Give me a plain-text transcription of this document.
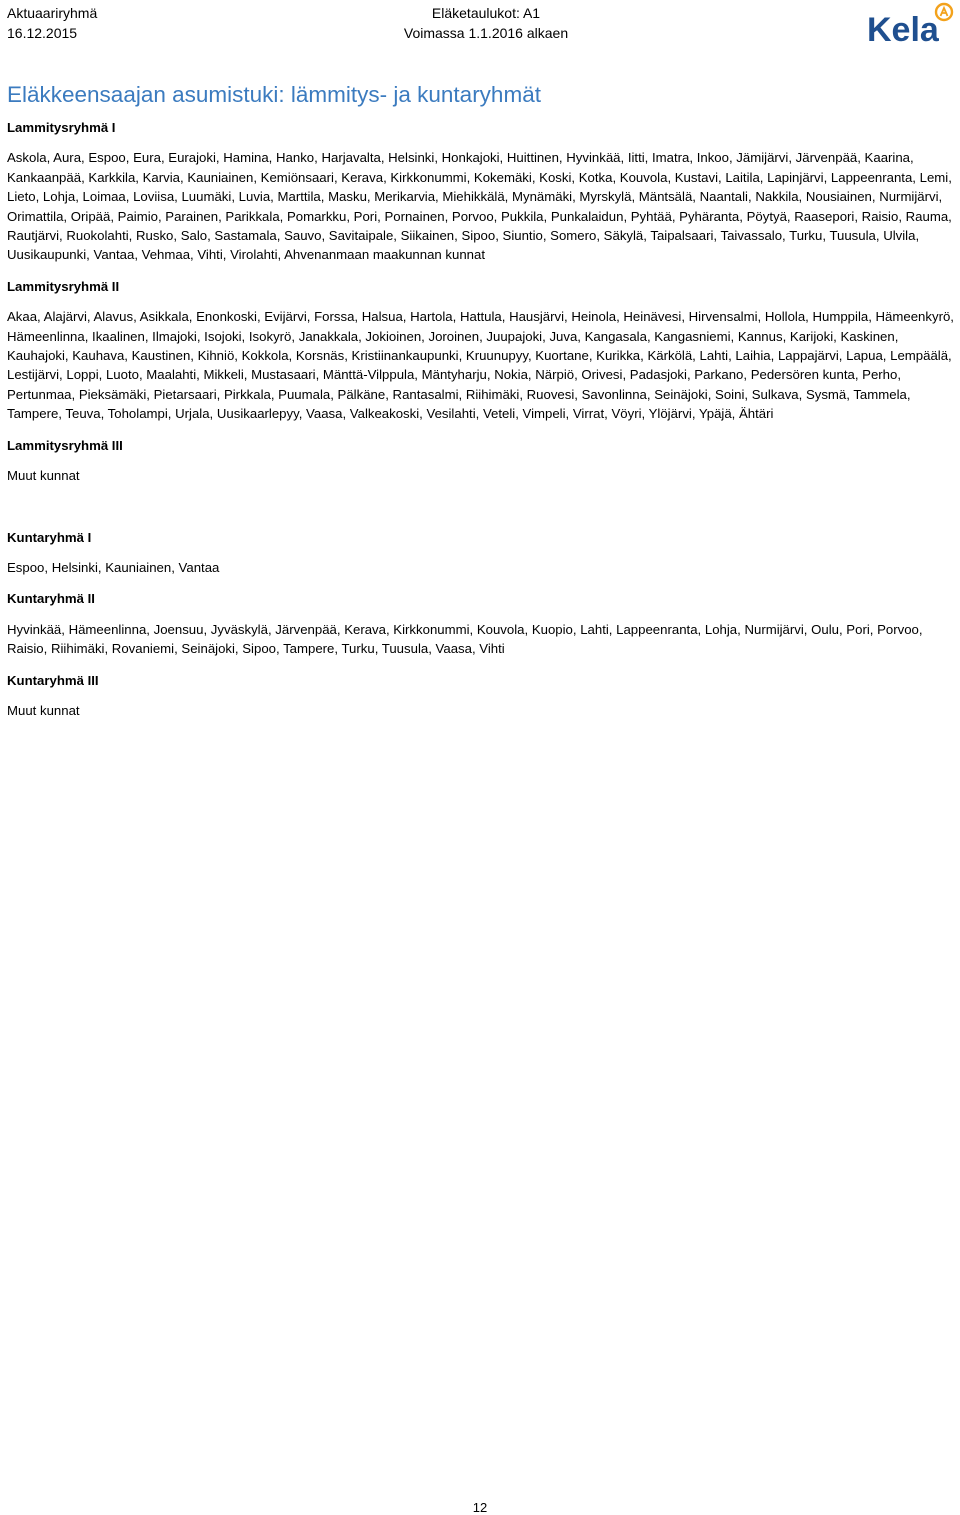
Aktuaariryhmä
16.12.2015
Eläketaulukot: A1
Voimassa 1.1.2016 alkaen	Kela
Eläkkeensaajan asumistuki: lämmitys- ja kuntaryhmät

Lammitysryhmä I

Askola, Aura, Espoo, Eura, Eurajoki, Hamina, Hanko, Harjavalta, Helsinki, Honkajoki, Huittinen, Hyvinkää, Iitti, Imatra, Inkoo, Jämijärvi, Järvenpää, Kaarina, Kankaanpää, Karkkila, Karvia, Kauniainen, Kemiönsaari, Kerava, Kirkkonummi, Kokemäki, Koski, Kotka, Kouvola, Kustavi, Laitila, Lapinjärvi, Lappeenranta, Lemi, Lieto, Lohja, Loimaa, Loviisa, Luumäki, Luvia, Marttila, Masku, Merikarvia, Miehikkälä, Mynämäki, Myrskylä, Mäntsälä, Naantali, Nakkila, Nousiainen, Nurmijärvi, Orimattila, Oripää, Paimio, Parainen, Parikkala, Pomarkku, Pori, Pornainen, Porvoo, Pukkila, Punkalaidun, Pyhtää, Pyhäranta, Pöytyä, Raasepori, Raisio, Rauma, Rautjärvi, Ruokolahti, Rusko, Salo, Sastamala, Sauvo, Savitaipale, Siikainen, Sipoo, Siuntio, Somero, Säkylä, Taipalsaari, Taivassalo, Turku, Tuusula, Ulvila, Uusikaupunki, Vantaa, Vehmaa, Vihti, Virolahti, Ahvenanmaan maakunnan kunnat

Lammitysryhmä II

Akaa, Alajärvi, Alavus, Asikkala, Enonkoski, Evijärvi, Forssa, Halsua, Hartola, Hattula, Hausjärvi, Heinola, Heinävesi, Hirvensalmi, Hollola, Humppila, Hämeenkyrö, Hämeenlinna, Ikaalinen, Ilmajoki, Isojoki, Isokyrö, Janakkala, Jokioinen, Joroinen, Juupajoki, Juva, Kangasala, Kangasniemi, Kannus, Karijoki, Kaskinen, Kauhajoki, Kauhava, Kaustinen, Kihniö, Kokkola, Korsnäs, Kristiinankaupunki, Kruunupyy, Kuortane, Kurikka, Kärkölä, Lahti, Laihia, Lappajärvi, Lapua, Lempäälä, Lestijärvi, Loppi, Luoto, Maalahti, Mikkeli, Mustasaari, Mänttä-Vilppula, Mäntyharju, Nokia, Närpiö, Orivesi, Padasjoki, Parkano, Pedersören kunta, Perho, Pertunmaa, Pieksämäki, Pietarsaari, Pirkkala, Puumala, Pälkäne, Rantasalmi, Riihimäki, Ruovesi, Savonlinna, Seinäjoki, Soini, Sulkava, Sysmä, Tammela, Tampere, Teuva, Toholampi, Urjala, Uusikaarlepyy, Vaasa, Valkeakoski, Vesilahti, Veteli, Vimpeli, Virrat, Vöyri, Ylöjärvi, Ypäjä, Ähtäri

Lammitysryhmä III

Muut kunnat

Kuntaryhmä I

Espoo, Helsinki, Kauniainen, Vantaa

Kuntaryhmä II

Hyvinkää, Hämeenlinna, Joensuu, Jyväskylä, Järvenpää, Kerava, Kirkkonummi, Kouvola, Kuopio, Lahti, Lappeenranta, Lohja, Nurmijärvi, Oulu, Pori, Porvoo, Raisio, Riihimäki, Rovaniemi, Seinäjoki, Sipoo, Tampere, Turku, Tuusula, Vaasa, Vihti

Kuntaryhmä III

Muut kunnat

12
